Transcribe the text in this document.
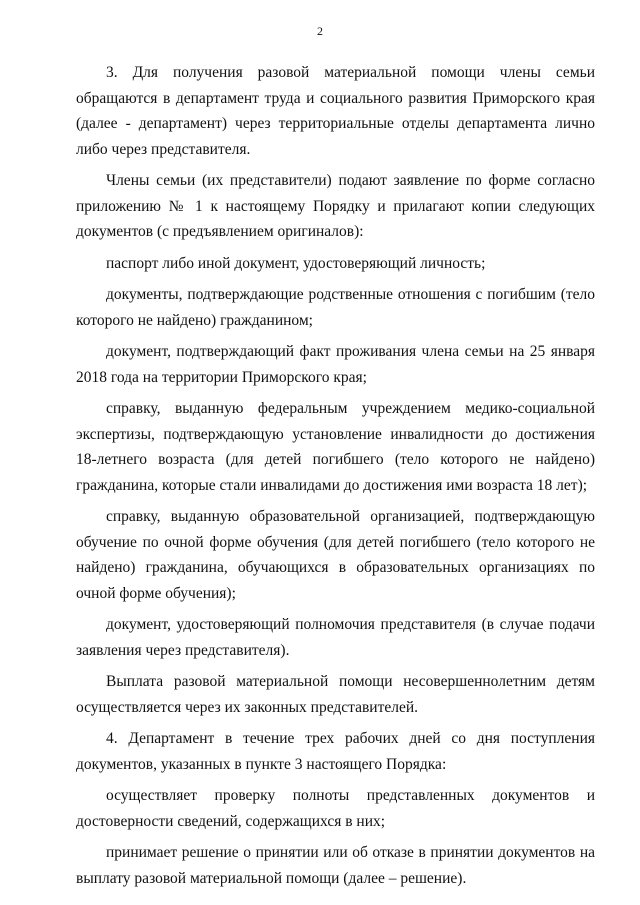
2

3. Для получения разовой материальной помощи члены семьи обращаются в департамент труда и социального развития Приморского края (далее - департамент) через территориальные отделы департамента лично либо через представителя.

Члены семьи (их представители) подают заявление по форме согласно приложению № 1 к настоящему Порядку и прилагают копии следующих документов (с предъявлением оригиналов):

паспорт либо иной документ, удостоверяющий личность;

документы, подтверждающие родственные отношения с погибшим (тело которого не найдено) гражданином;

документ, подтверждающий факт проживания члена семьи на 25 января 2018 года на территории Приморского края;

справку, выданную федеральным учреждением медико-социальной экспертизы, подтверждающую установление инвалидности до достижения 18-летнего возраста (для детей погибшего (тело которого не найдено) гражданина, которые стали инвалидами до достижения ими возраста 18 лет);

справку, выданную образовательной организацией, подтверждающую обучение по очной форме обучения (для детей погибшего (тело которого не найдено) гражданина, обучающихся в образовательных организациях по очной форме обучения);

документ, удостоверяющий полномочия представителя (в случае подачи заявления через представителя).

Выплата разовой материальной помощи несовершеннолетним детям осуществляется через их законных представителей.

4. Департамент в течение трех рабочих дней со дня поступления документов, указанных в пункте 3 настоящего Порядка:

осуществляет проверку полноты представленных документов и достоверности сведений, содержащихся в них;

принимает решение о принятии или об отказе в принятии документов на выплату разовой материальной помощи (далее – решение).
